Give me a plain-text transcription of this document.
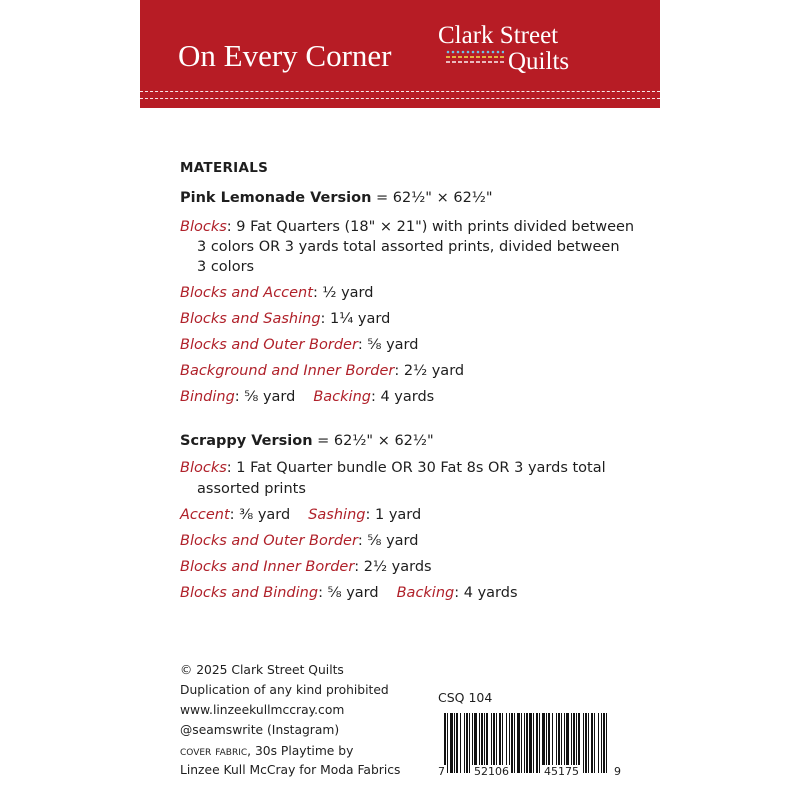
On Every Corner
Clark Street
Quilts
MATERIALS
Pink Lemonade Version = 62½" × 62½"
Blocks: 9 Fat Quarters (18" × 21") with prints divided between
3 colors OR 3 yards total assorted prints, divided between
3 colors
Blocks and Accent: ½ yard
Blocks and Sashing: 1¼ yard
Blocks and Outer Border: ⅝ yard
Background and Inner Border: 2½ yard
Binding: ⅝ yard Backing: 4 yards
Scrappy Version = 62½" × 62½"
Blocks: 1 Fat Quarter bundle OR 30 Fat 8s OR 3 yards total
assorted prints
Accent: ⅜ yard Sashing: 1 yard
Blocks and Outer Border: ⅝ yard
Blocks and Inner Border: 2½ yards
Blocks and Binding: ⅝ yard Backing: 4 yards
© 2025 Clark Street Quilts
Duplication of any kind prohibited
www.linzeekullmccray.com
@seamswrite (Instagram)
cover fabric, 30s Playtime by
Linzee Kull McCray for Moda Fabrics
CSQ 104
7	52106	45175	9
